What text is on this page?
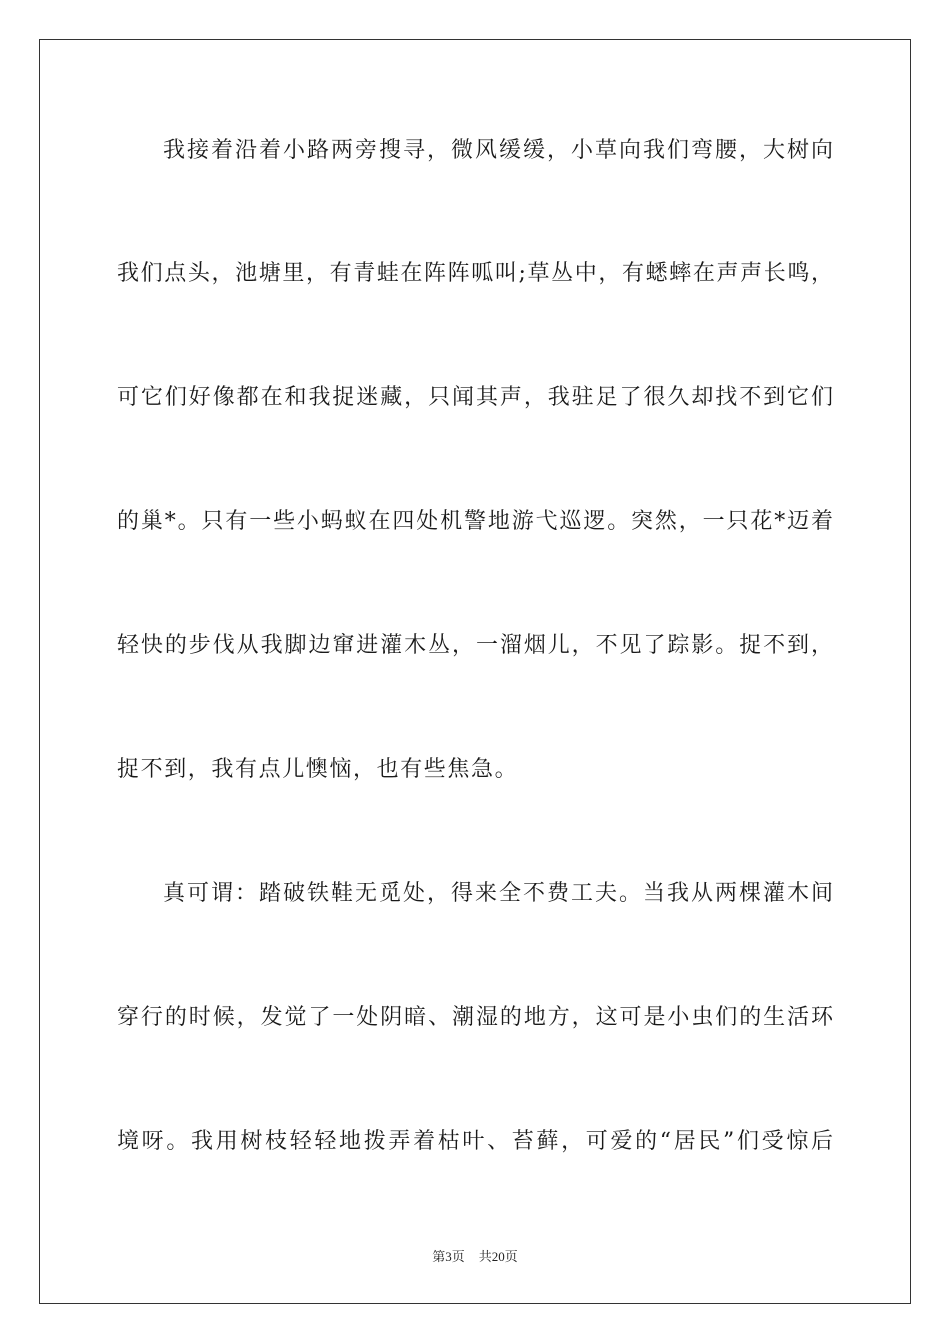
我接着沿着小路两旁搜寻，微风缓缓，小草向我们弯腰，大树向
我们点头，池塘里，有青蛙在阵阵呱叫;草丛中，有蟋蟀在声声长鸣，
可它们好像都在和我捉迷藏，只闻其声，我驻足了很久却找不到它们
的巢*。只有一些小蚂蚁在四处机警地游弋巡逻。突然，一只花*迈着
轻快的步伐从我脚边窜进灌木丛，一溜烟儿，不见了踪影。捉不到，
捉不到，我有点儿懊恼，也有些焦急。
真可谓：踏破铁鞋无觅处，得来全不费工夫。当我从两棵灌木间
穿行的时候，发觉了一处阴暗、潮湿的地方，这可是小虫们的生活环
境呀。我用树枝轻轻地拨弄着枯叶、苔藓，可爱的“居民”们受惊后
第3页 共20页
